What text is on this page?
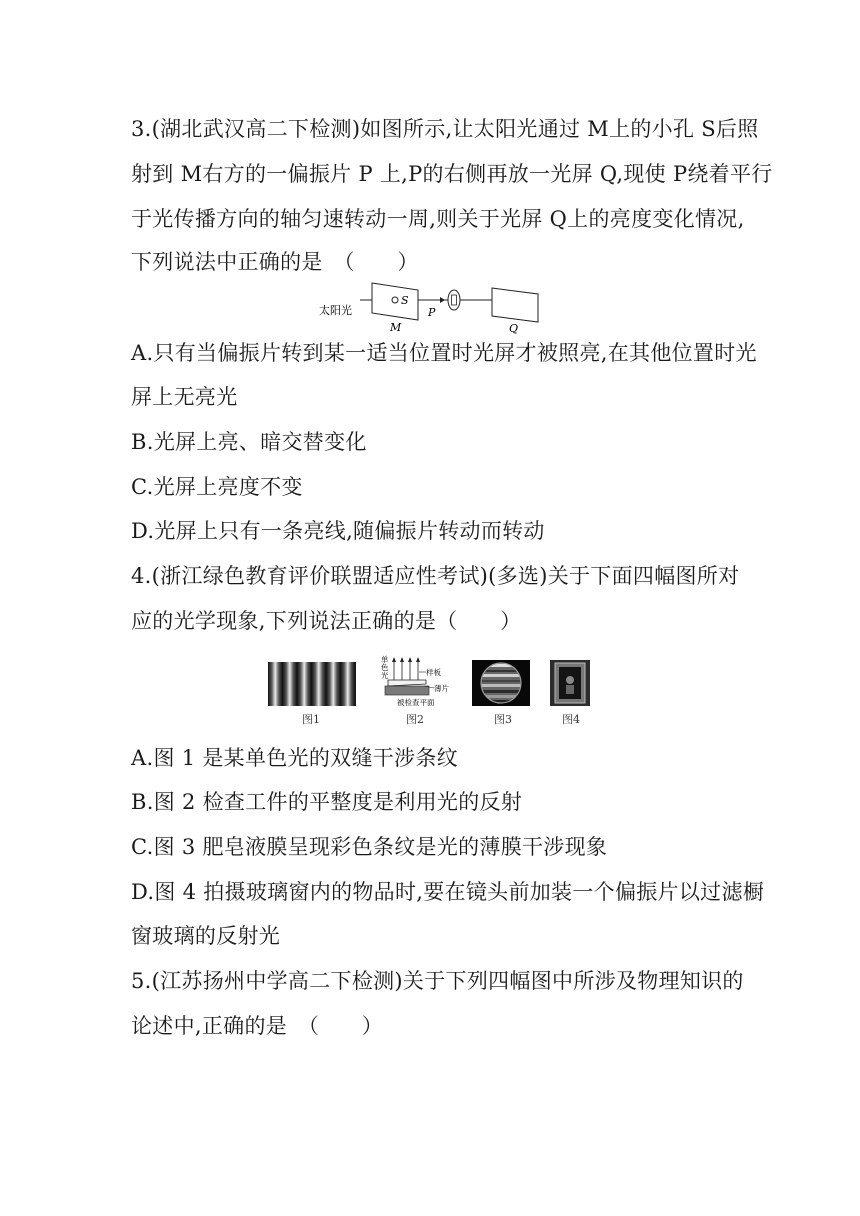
3.(湖北武汉高二下检测)如图所示,让太阳光通过 M上的小孔 S后照
射到 M右方的一偏振片 P 上,P的右侧再放一光屏 Q,现使 P绕着平行
于光传播方向的轴匀速转动一周,则关于光屏 Q上的亮度变化情况,
下列说法中正确的是　（　　）
太阳光
S
M
P
Q
A.只有当偏振片转到某一适当位置时光屏才被照亮,在其他位置时光
屏上无亮光
B.光屏上亮、暗交替变化
C.光屏上亮度不变
D.光屏上只有一条亮线,随偏振片转动而转动
4.(浙江绿色教育评价联盟适应性考试)(多选)关于下面四幅图所对
应的光学现象,下列说法正确的是（　　）
图1
单
色
光	样板
薄片
被检查平面
图2	图3	图4
A.图 1 是某单色光的双缝干涉条纹
B.图 2 检查工件的平整度是利用光的反射
C.图 3 肥皂液膜呈现彩色条纹是光的薄膜干涉现象
D.图 4 拍摄玻璃窗内的物品时,要在镜头前加装一个偏振片以过滤橱
窗玻璃的反射光
5.(江苏扬州中学高二下检测)关于下列四幅图中所涉及物理知识的
论述中,正确的是　（　　）
